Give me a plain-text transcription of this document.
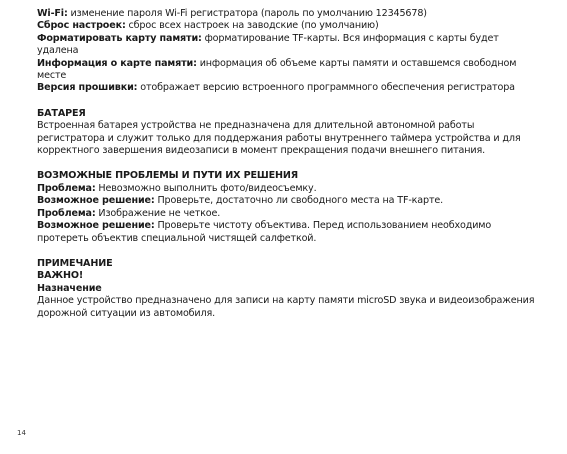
Wi-Fi: изменение пароля Wi-Fi регистратора (пароль по умолчанию 12345678)

Сброс настроек: сброс всех настроек на заводские (по умолчанию)

Форматировать карту памяти: форматирование TF-карты. Вся информация с карты будет удалена

Информация о карте памяти: информация об объеме карты памяти и оставшемся свободном месте

Версия прошивки: отображает версию встроенного программного обеспечения регистратора

БАТАРЕЯ

Встроенная батарея устройства не предназначена для длительной автономной работы регистратора и служит только для поддержания работы внутреннего таймера устройства и для корректного завершения видеозаписи в момент прекращения подачи внешнего питания.

ВОЗМОЖНЫЕ ПРОБЛЕМЫ И ПУТИ ИХ РЕШЕНИЯ

Проблема: Невозможно выполнить фото/видеосъемку.

Возможное решение: Проверьте, достаточно ли свободного места на TF-карте.

Проблема: Изображение не четкое.

Возможное решение: Проверьте чистоту объектива. Перед использованием необходимо протереть объектив специальной чистящей салфеткой.

ПРИМЕЧАНИЕ

ВАЖНО!

Назначение

Данное устройство предназначено для записи на карту памяти microSD звука и видеоизображения дорожной ситуации из автомобиля.

14
